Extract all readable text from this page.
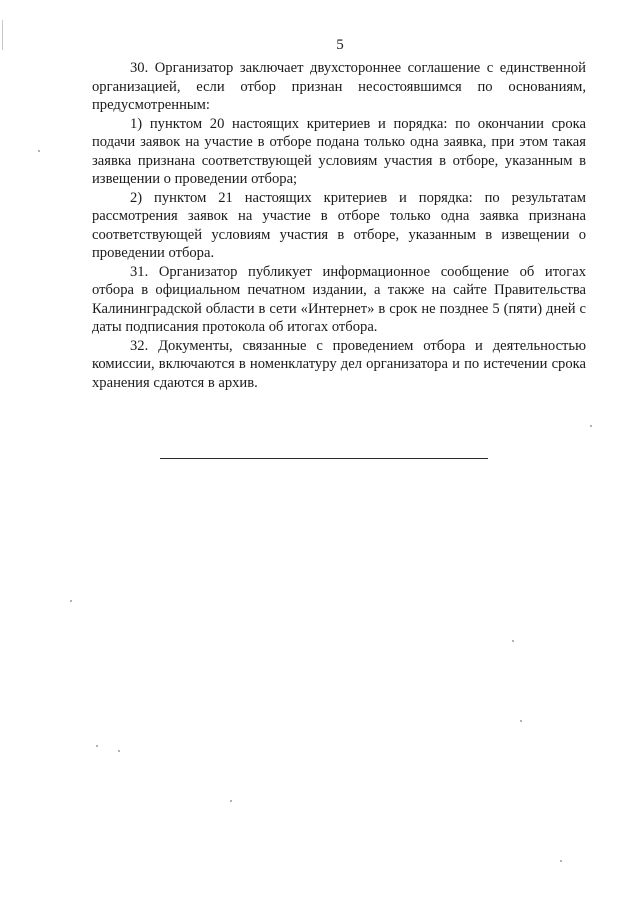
5

30. Организатор заключает двухстороннее соглашение с единственной организацией, если отбор признан несостоявшимся по основаниям, предусмотренным:

1) пунктом 20 настоящих критериев и порядка: по окончании срока подачи заявок на участие в отборе подана только одна заявка, при этом такая заявка признана соответствующей условиям участия в отборе, указанным в извещении о проведении отбора;

2) пунктом 21 настоящих критериев и порядка: по результатам рассмотрения заявок на участие в отборе только одна заявка признана соответствующей условиям участия в отборе, указанным в извещении о проведении отбора.

31. Организатор публикует информационное сообщение об итогах отбора в официальном печатном издании, а также на сайте Правительства Калининградской области в сети «Интернет» в срок не позднее 5 (пяти) дней с даты подписания протокола об итогах отбора.

32. Документы, связанные с проведением отбора и деятельностью комиссии, включаются в номенклатуру дел организатора и по истечении срока хранения сдаются в архив.
